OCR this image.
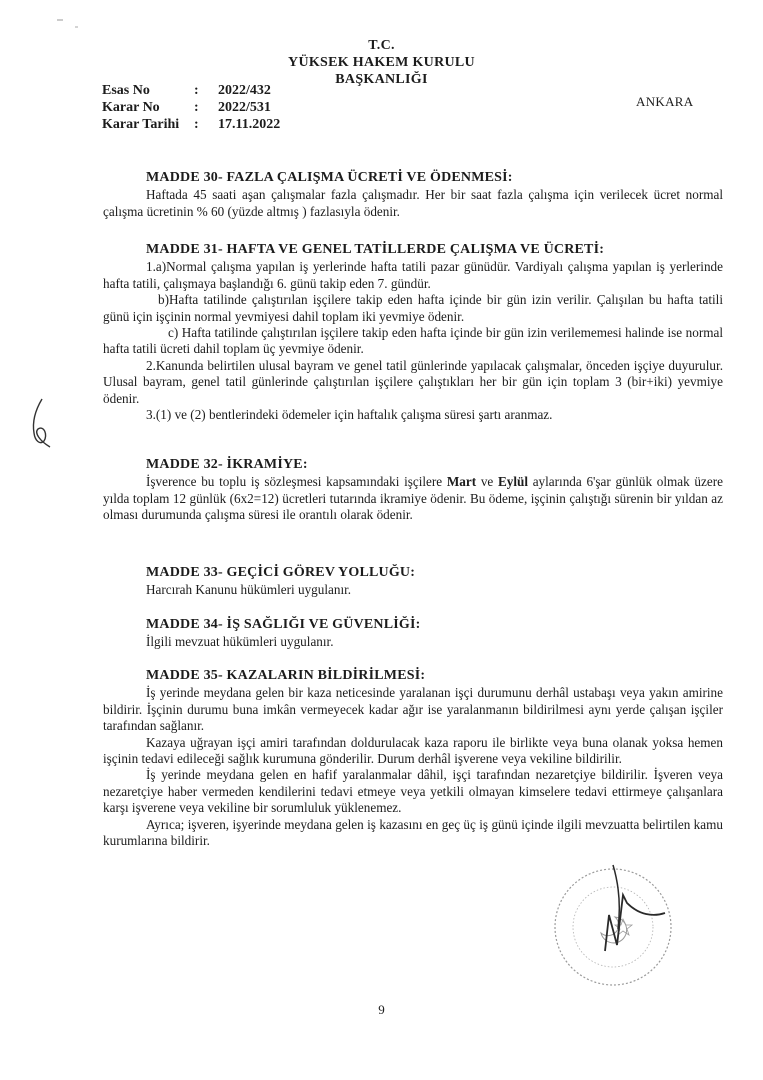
T.C.
YÜKSEK HAKEM KURULU
BAŞKANLIĞI
Esas No	:	2022/432
Karar No	:	2022/531
Karar Tarihi	:	17.11.2022
ANKARA
MADDE 30- FAZLA ÇALIŞMA ÜCRETİ VE ÖDENMESİ:

Haftada 45 saati aşan çalışmalar fazla çalışmadır. Her bir saat fazla çalışma için verilecek ücret normal çalışma ücretinin % 60 (yüzde altmış ) fazlasıyla ödenir.

MADDE 31- HAFTA VE GENEL TATİLLERDE ÇALIŞMA VE ÜCRETİ:

1.a)Normal çalışma yapılan iş yerlerinde hafta tatili pazar günüdür. Vardiyalı çalışma yapılan iş yerlerinde hafta tatili, çalışmaya başlandığı 6. günü takip eden 7. gündür.

b)Hafta tatilinde çalıştırılan işçilere takip eden hafta içinde bir gün izin verilir. Çalışılan bu hafta tatili günü için işçinin normal yevmiyesi dahil toplam iki yevmiye ödenir.

c) Hafta tatilinde çalıştırılan işçilere takip eden hafta içinde bir gün izin verilememesi halinde ise normal hafta tatili ücreti dahil toplam üç yevmiye ödenir.

2.Kanunda belirtilen ulusal bayram ve genel tatil günlerinde yapılacak çalışmalar, önceden işçiye duyurulur. Ulusal bayram, genel tatil günlerinde çalıştırılan işçilere çalıştıkları her bir gün için toplam 3 (bir+iki) yevmiye ödenir.

3.(1) ve (2) bentlerindeki ödemeler için haftalık çalışma süresi şartı aranmaz.

MADDE 32- İKRAMİYE:

İşverence bu toplu iş sözleşmesi kapsamındaki işçilere Mart ve Eylül aylarında 6'şar günlük olmak üzere yılda toplam 12 günlük (6x2=12) ücretleri tutarında ikramiye ödenir. Bu ödeme, işçinin çalıştığı sürenin bir yıldan az olması durumunda çalışma süresi ile orantılı olarak ödenir.

MADDE 33- GEÇİCİ GÖREV YOLLUĞU:

Harcırah Kanunu hükümleri uygulanır.

MADDE 34- İŞ SAĞLIĞI VE GÜVENLİĞİ:

İlgili mevzuat hükümleri uygulanır.

MADDE 35- KAZALARIN BİLDİRİLMESİ:

İş yerinde meydana gelen bir kaza neticesinde yaralanan işçi durumunu derhâl ustabaşı veya yakın amirine bildirir. İşçinin durumu buna imkân vermeyecek kadar ağır ise yaralanmanın bildirilmesi aynı yerde çalışan işçiler tarafından sağlanır.

Kazaya uğrayan işçi amiri tarafından doldurulacak kaza raporu ile birlikte veya buna olanak yoksa hemen işçinin tedavi edileceği sağlık kurumuna gönderilir. Durum derhâl işverene veya vekiline bildirilir.

İş yerinde meydana gelen en hafif yaralanmalar dâhil, işçi tarafından nezaretçiye bildirilir. İşveren veya nezaretçiye haber vermeden kendilerini tedavi etmeye veya yetkili olmayan kimselere tedavi ettirmeye çalışanlara karşı işverene veya vekiline bir sorumluluk yüklenemez.

Ayrıca; işveren, işyerinde meydana gelen iş kazasını en geç üç iş günü içinde ilgili mevzuatta belirtilen kamu kurumlarına bildirir.

9
